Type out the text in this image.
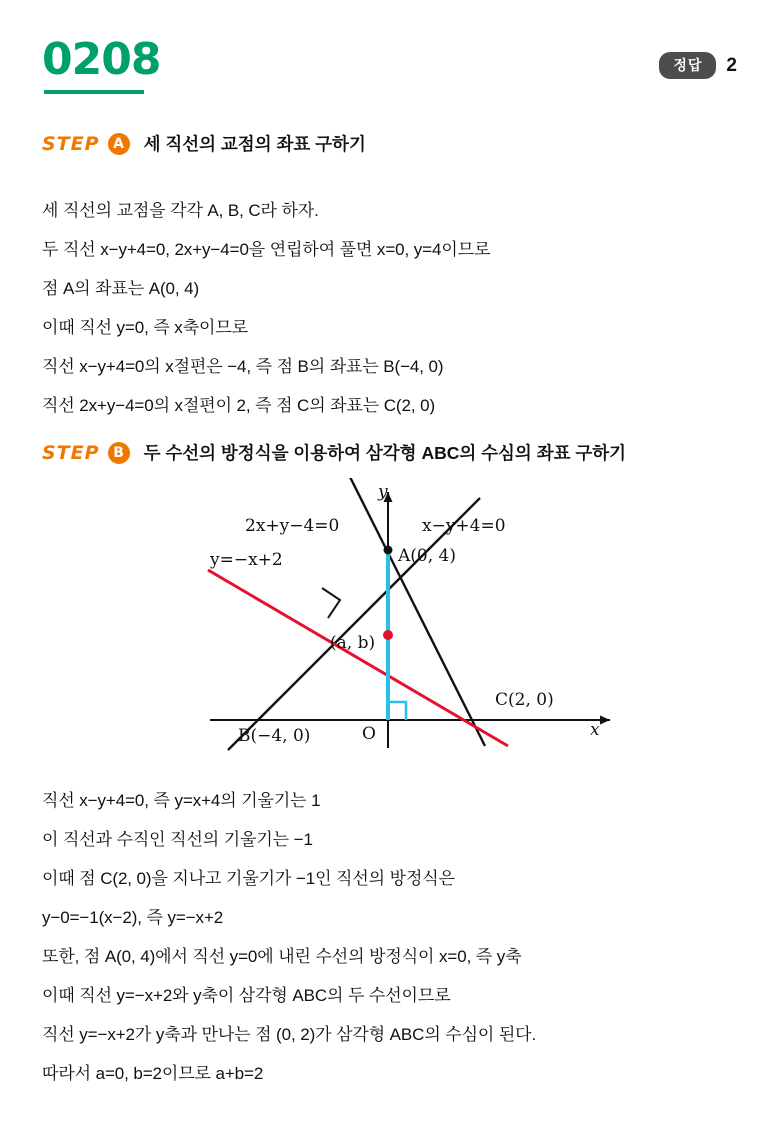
0208	정답	2
STEP A	세 직선의 교점의 좌표 구하기
세 직선의 교점을 각각 A, B, C라 하자.
두 직선 x−y+4=0, 2x+y−4=0을 연립하여 풀면 x=0, y=4이므로
점 A의 좌표는 A(0, 4)
이때 직선 y=0, 즉 x축이므로
직선 x−y+4=0의 x절편은 −4, 즉 점 B의 좌표는 B(−4, 0)
직선 2x+y−4=0의 x절편이 2, 즉 점 C의 좌표는 C(2, 0)
STEP B	두 수선의 방정식을 이용하여 삼각형 ABC의 수심의 좌표 구하기
2x+y−4=0	x−y+4=0
y=−x+2	A(0, 4)
B(−4, 0)
C(2, 0)
(a, b)
O	x
y
직선 x−y+4=0, 즉 y=x+4의 기울기는 1
이 직선과 수직인 직선의 기울기는 −1
이때 점 C(2, 0)을 지나고 기울기가 −1인 직선의 방정식은
y−0=−1(x−2), 즉 y=−x+2
또한, 점 A(0, 4)에서 직선 y=0에 내린 수선의 방정식이 x=0, 즉 y축
이때 직선 y=−x+2와 y축이 삼각형 ABC의 두 수선이므로
직선 y=−x+2가 y축과 만나는 점 (0, 2)가 삼각형 ABC의 수심이 된다.
따라서 a=0, b=2이므로 a+b=2
